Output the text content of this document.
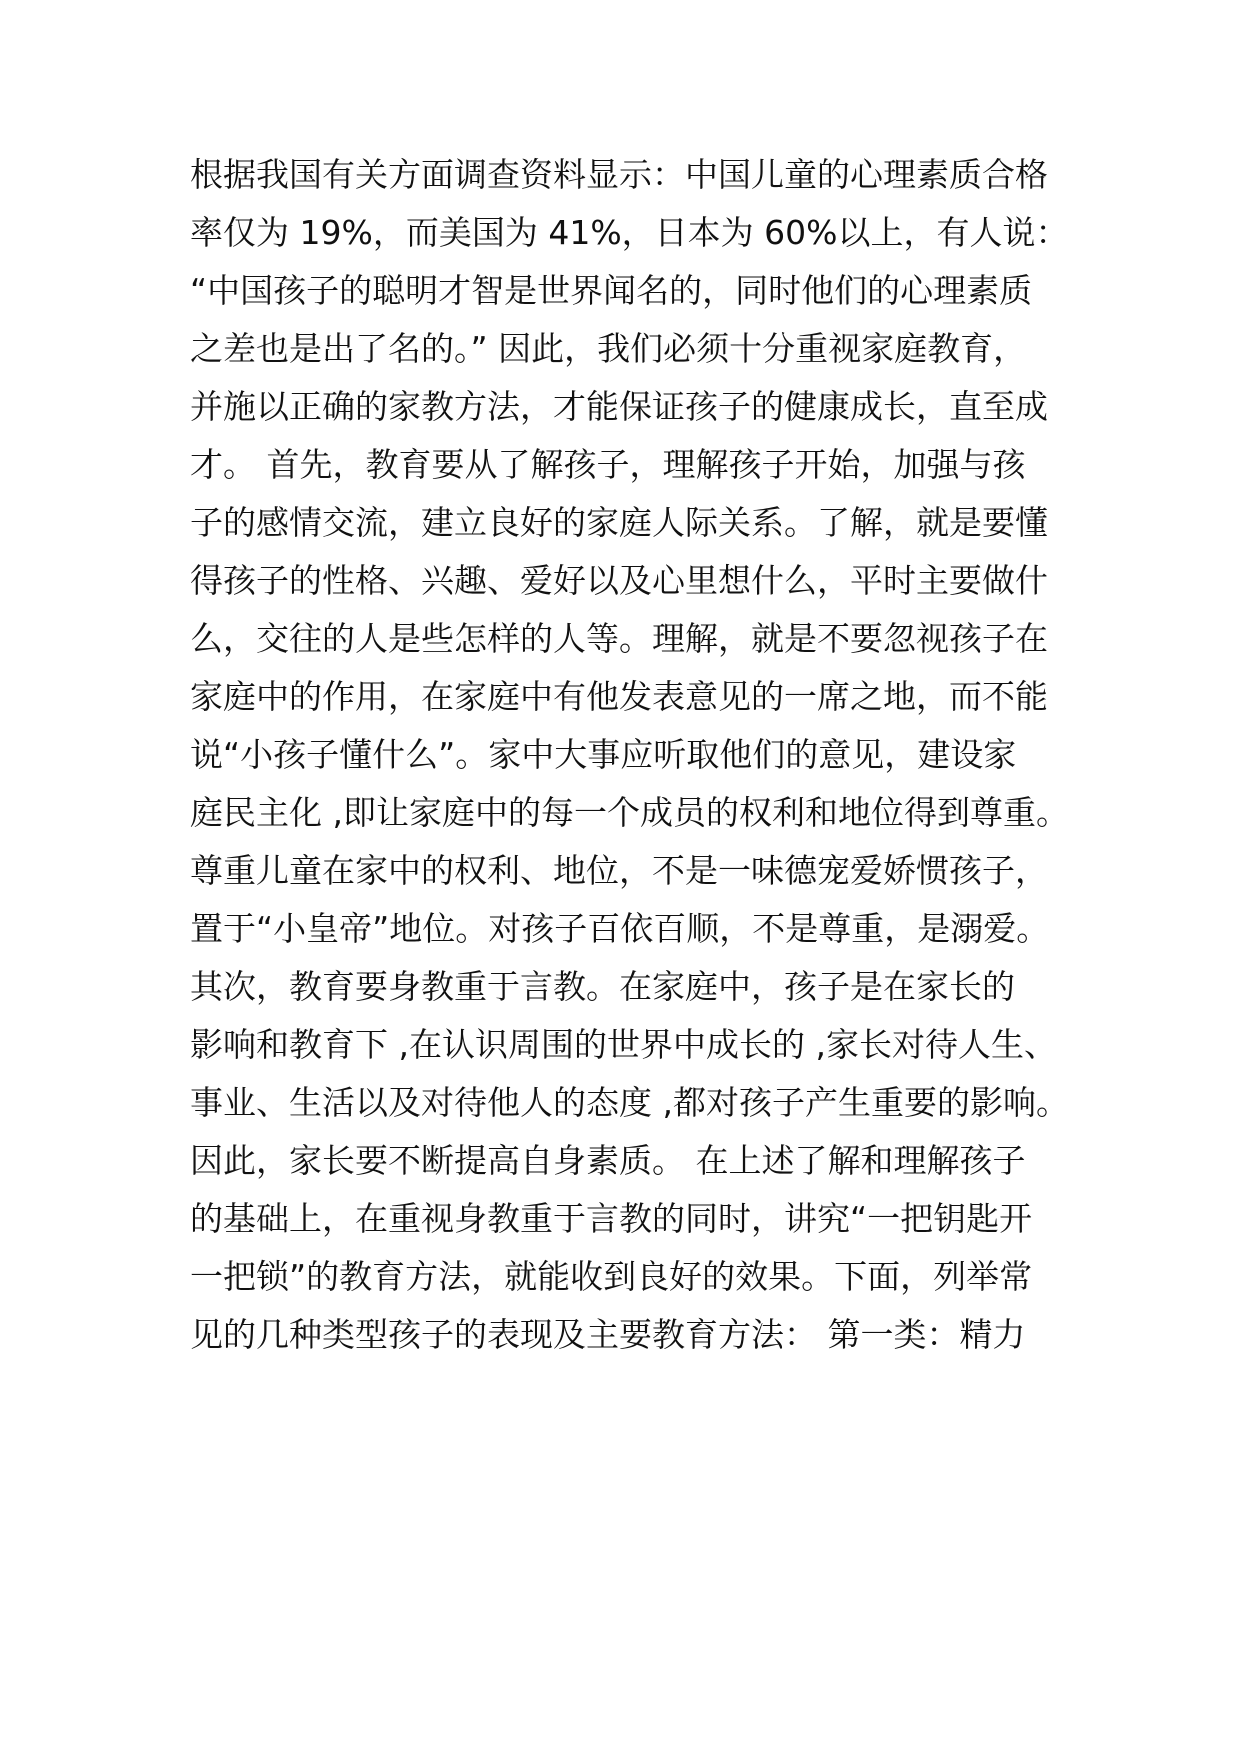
根据我国有关方面调查资料显示：中国儿童的心理素质合格
率仅为 19%，而美国为 41%，日本为 60%以上，有人说：
“中国孩子的聪明才智是世界闻名的，同时他们的心理素质
之差也是出了名的。” 因此，我们必须十分重视家庭教育，
并施以正确的家教方法，才能保证孩子的健康成长，直至成
才。 首先，教育要从了解孩子，理解孩子开始，加强与孩
子的感情交流，建立良好的家庭人际关系。了解，就是要懂
得孩子的性格、兴趣、爱好以及心里想什么，平时主要做什
么，交往的人是些怎样的人等。理解，就是不要忽视孩子在
家庭中的作用，在家庭中有他发表意见的一席之地，而不能
说“小孩子懂什么”。家中大事应听取他们的意见，建设家
庭民主化 ,即让家庭中的每一个成员的权利和地位得到尊重。
尊重儿童在家中的权利、地位，不是一味德宠爱娇惯孩子，
置于“小皇帝”地位。对孩子百依百顺，不是尊重，是溺爱。
其次，教育要身教重于言教。在家庭中，孩子是在家长的
影响和教育下 ,在认识周围的世界中成长的 ,家长对待人生、
事业、生活以及对待他人的态度 ,都对孩子产生重要的影响。
因此，家长要不断提高自身素质。 在上述了解和理解孩子
的基础上，在重视身教重于言教的同时，讲究“一把钥匙开
一把锁”的教育方法，就能收到良好的效果。下面，列举常
见的几种类型孩子的表现及主要教育方法： 第一类：精力
